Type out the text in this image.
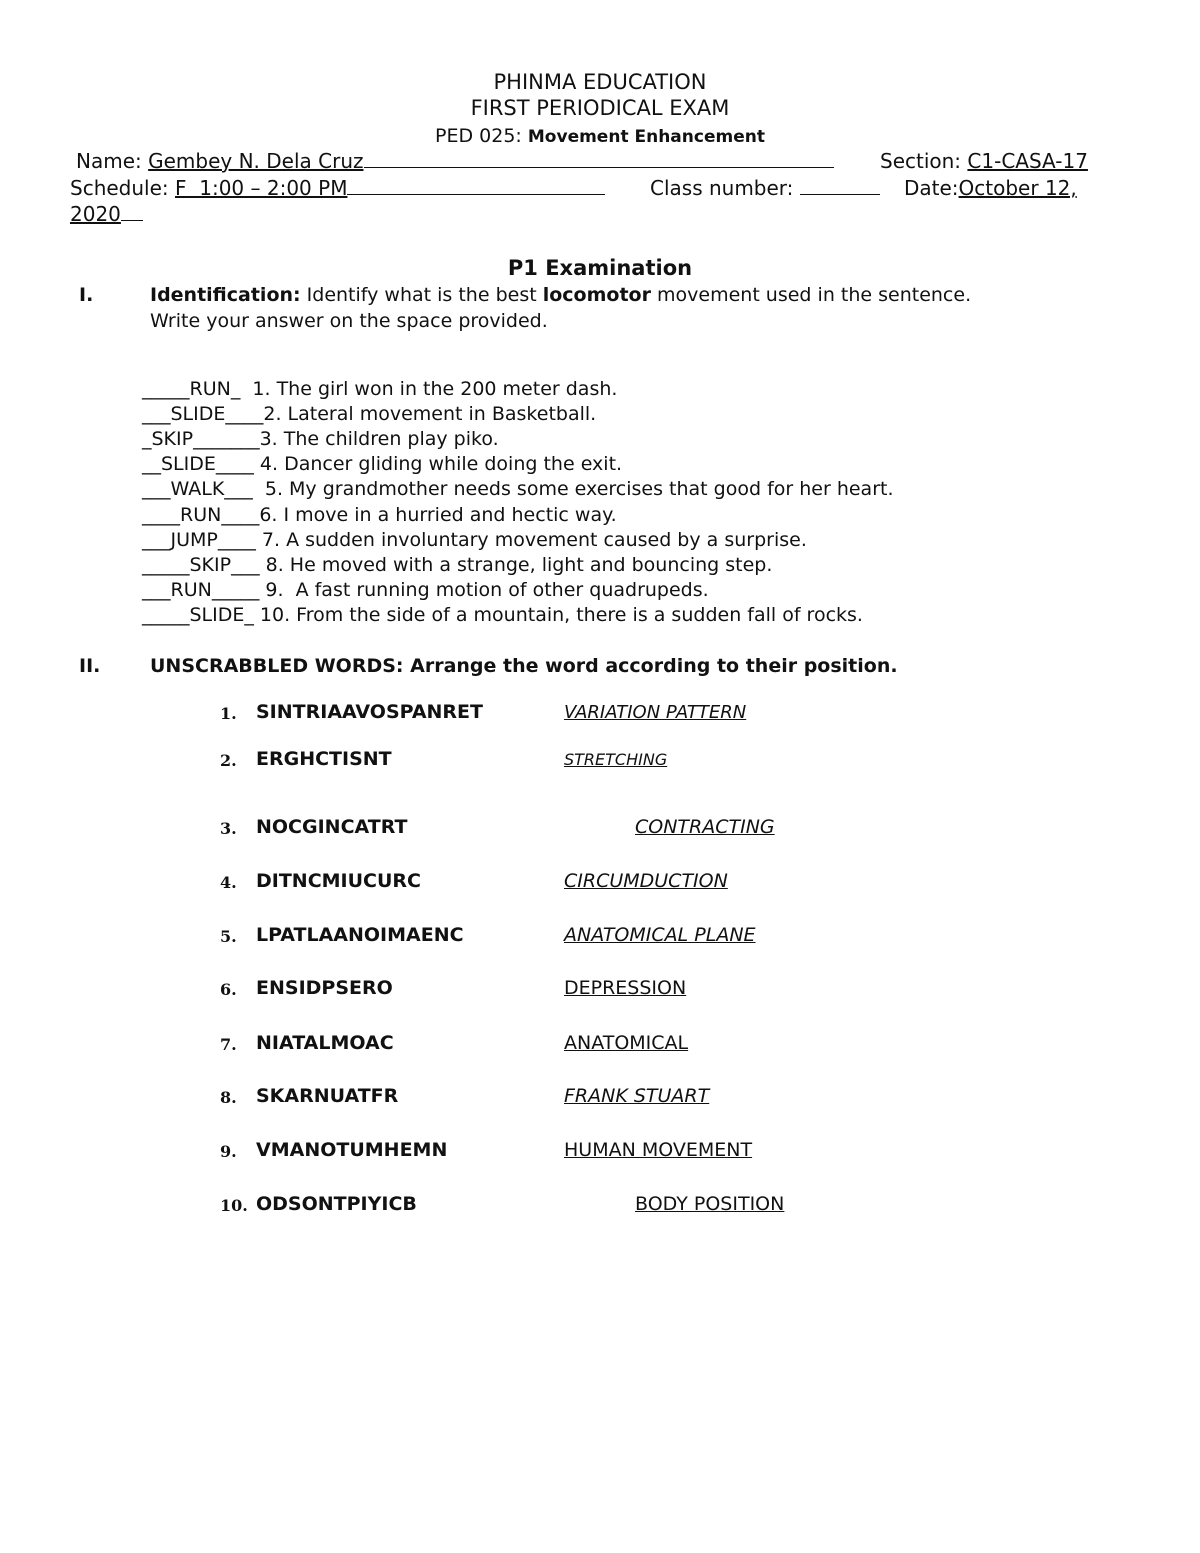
PHINMA EDUCATION
FIRST PERIODICAL EXAM
PED 025: Movement Enhancement
Name: Gembey N. Dela Cruz	Section: C1-CASA-17
Schedule: F  1:00 – 2:00 PM	Class number:	Date:October 12,
2020
P1 Examination
I.	Identification: Identify what is the best locomotor movement used in the sentence.
Write your answer on the space provided.
_____RUN_  1. The girl won in the 200 meter dash.
___SLIDE____2. Lateral movement in Basketball.
_SKIP_______3. The children play piko.
__SLIDE____ 4. Dancer gliding while doing the exit.
___WALK___  5. My grandmother needs some exercises that good for her heart.
____RUN____6. I move in a hurried and hectic way.
___JUMP____ 7. A sudden involuntary movement caused by a surprise.
_____SKIP___ 8. He moved with a strange, light and bouncing step.
___RUN_____ 9.  A fast running motion of other quadrupeds.
_____SLIDE_ 10. From the side of a mountain, there is a sudden fall of rocks.
II.	UNSCRABBLED WORDS: Arrange the word according to their position.
1. SINTRIAAVOSPANRET	VARIATION PATTERN
2. ERGHCTISNT	STRETCHING
3. NOCGINCATRT	CONTRACTING
4. DITNCMIUCURC	CIRCUMDUCTION
5. LPATLAANOIMAENC	ANATOMICAL PLANE
6. ENSIDPSERO	DEPRESSION
7. NIATALMOAC	ANATOMICAL
8. SKARNUATFR	FRANK STUART
9. VMANOTUMHEMN	HUMAN MOVEMENT
10. ODSONTPIYICB	BODY POSITION
